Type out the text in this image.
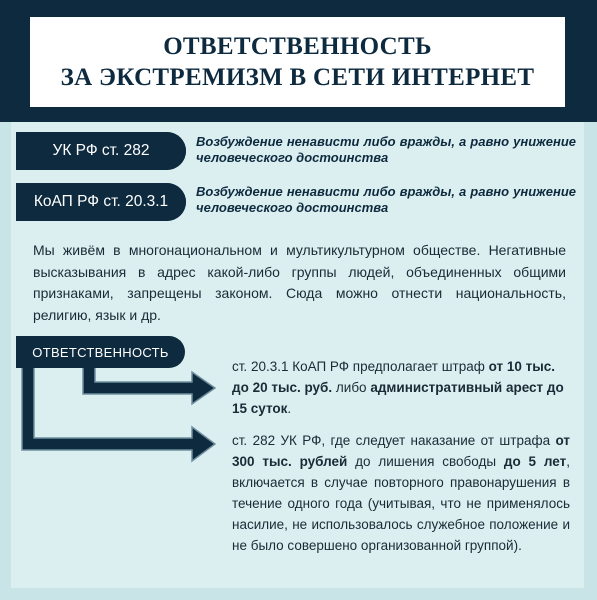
ОТВЕТСТВЕННОСТЬ
ЗА ЭКСТРЕМИЗМ В СЕТИ ИНТЕРНЕТ
УК РФ ст. 282
Возбуждение ненависти либо вражды, а равно унижение человеческого достоинства
КоАП РФ ст. 20.3.1
Возбуждение ненависти либо вражды, а равно унижение человеческого достоинства
Мы живём в многонациональном и мультикультурном обществе. Негативные высказывания в адрес какой-либо группы людей, объединенных общими признаками, запрещены законом. Сюда можно отнести национальность, религию, язык и др.
ОТВЕТСТВЕННОСТЬ
ст. 20.3.1 КоАП РФ предполагает штраф от 10 тыс. до 20 тыс. руб. либо административный арест до 15 суток.
ст. 282 УК РФ, где следует наказание от штрафа от 300 тыс. рублей до лишения свободы до 5 лет, включается в случае повторного правонарушения в течение одного года (учитывая, что не применялось насилие, не использовалось служебное положение и не было совершено организованной группой).
